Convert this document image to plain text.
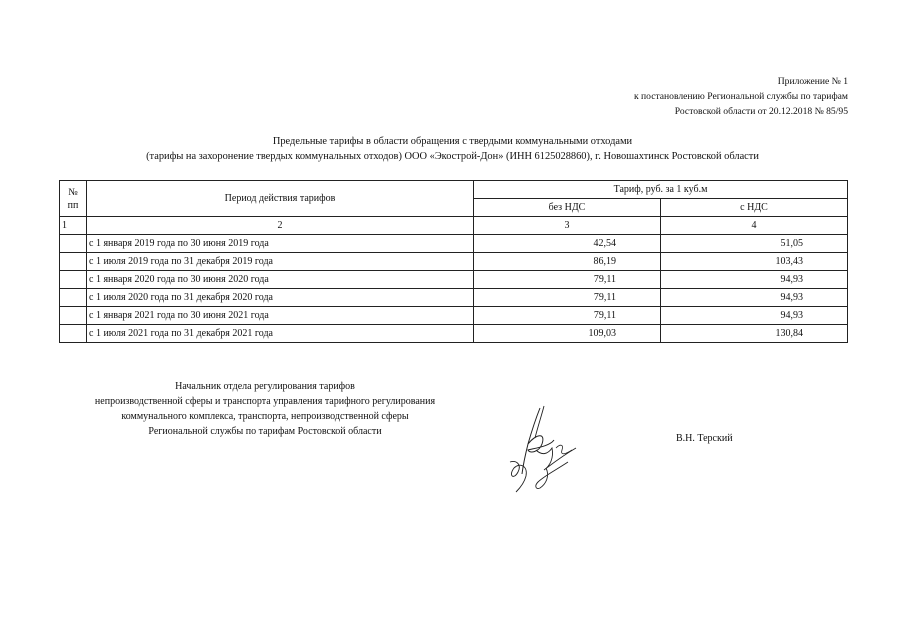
Приложение № 1
к постановлению Региональной службы по тарифам
Ростовской области от 20.12.2018 № 85/95
Предельные тарифы в области обращения с твердыми коммунальными отходами
(тарифы на захоронение твердых коммунальных отходов) ООО «Экострой-Дон» (ИНН 6125028860), г. Новошахтинск Ростовской области
№
пп	Период действия тарифов	Тариф, руб. за 1 куб.м	
		без НДС	с НДС
1	2	3	4
	с 1 января 2019 года по 30 июня 2019 года	42,54	51,05
	с 1 июля 2019 года по 31 декабря 2019 года	86,19	103,43
	с 1 января 2020 года по 30 июня 2020 года	79,11	94,93
	с 1 июля 2020 года по 31 декабря 2020 года	79,11	94,93
	с 1 января 2021 года по 30 июня 2021 года	79,11	94,93
	с 1 июля 2021 года по 31 декабря 2021 года	109,03	130,84
Начальник отдела регулирования тарифов
непроизводственной сферы и транспорта управления тарифного регулирования
коммунального комплекса, транспорта, непроизводственной сферы
Региональной службы по тарифам Ростовской области
В.Н. Терский
